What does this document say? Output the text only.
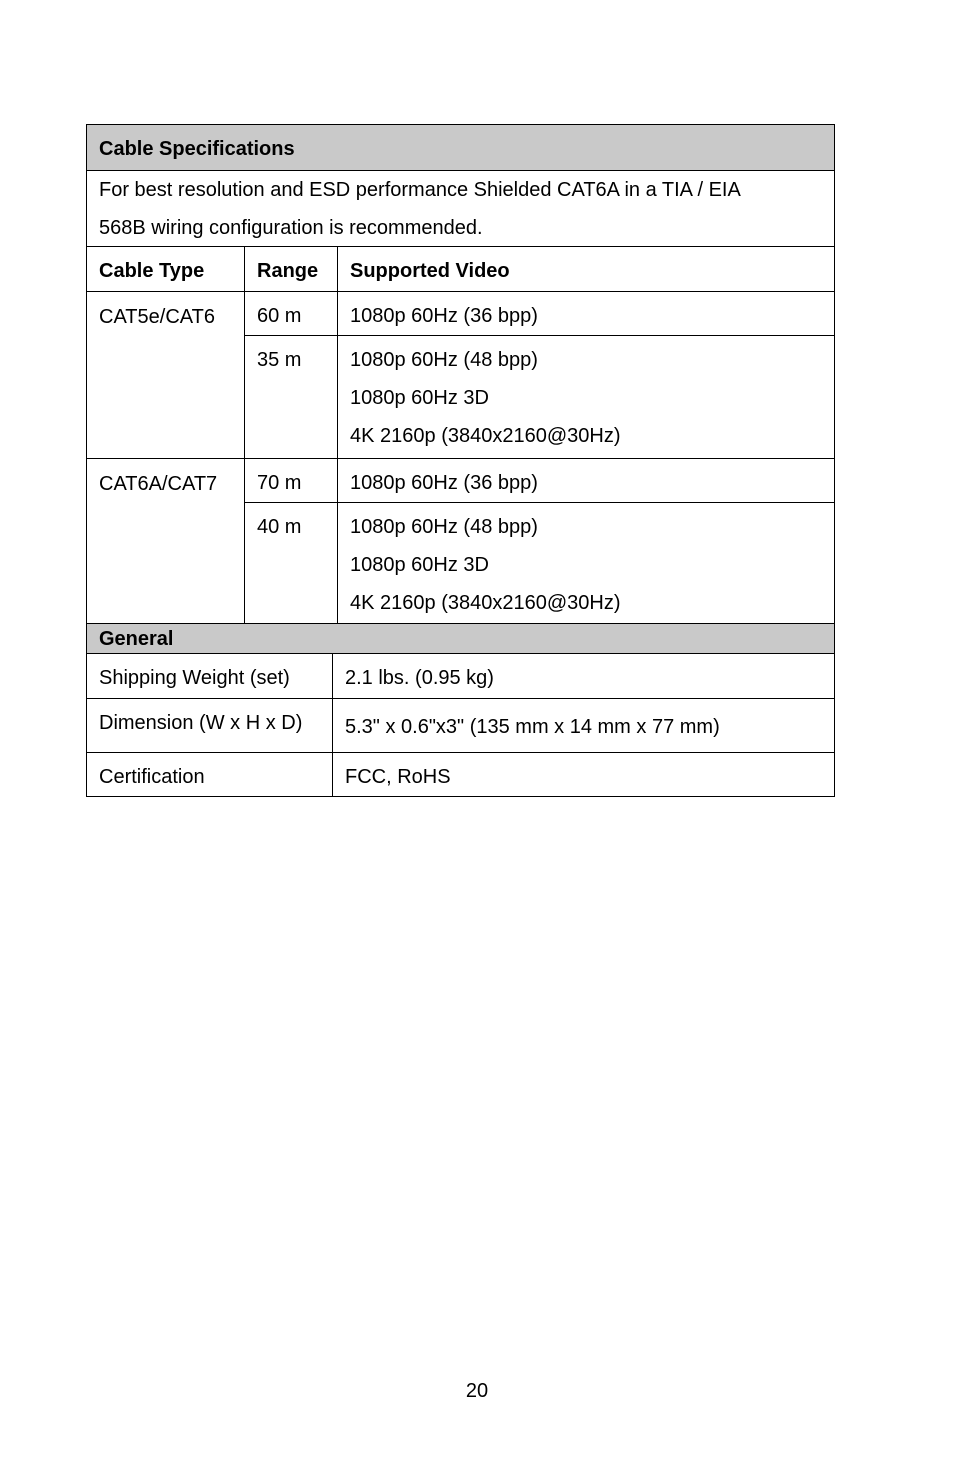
Cable Specifications
For best resolution and ESD performance Shielded CAT6A in a TIA / EIA
568B wiring configuration is recommended.
Cable Type	Range	Supported Video
CAT5e/CAT6	60 m	1080p 60Hz (36 bpp)
35 m	1080p 60Hz (48 bpp)
1080p 60Hz 3D
4K 2160p (3840x2160@30Hz)
CAT6A/CAT7	70 m	1080p 60Hz (36 bpp)
40 m	1080p 60Hz (48 bpp)
1080p 60Hz 3D
4K 2160p (3840x2160@30Hz)
General
Shipping Weight (set)	2.1 lbs. (0.95 kg)
Dimension (W x H x D)	5.3" x 0.6"x3" (135 mm x 14 mm x 77 mm)
Certification	FCC, RoHS
20
